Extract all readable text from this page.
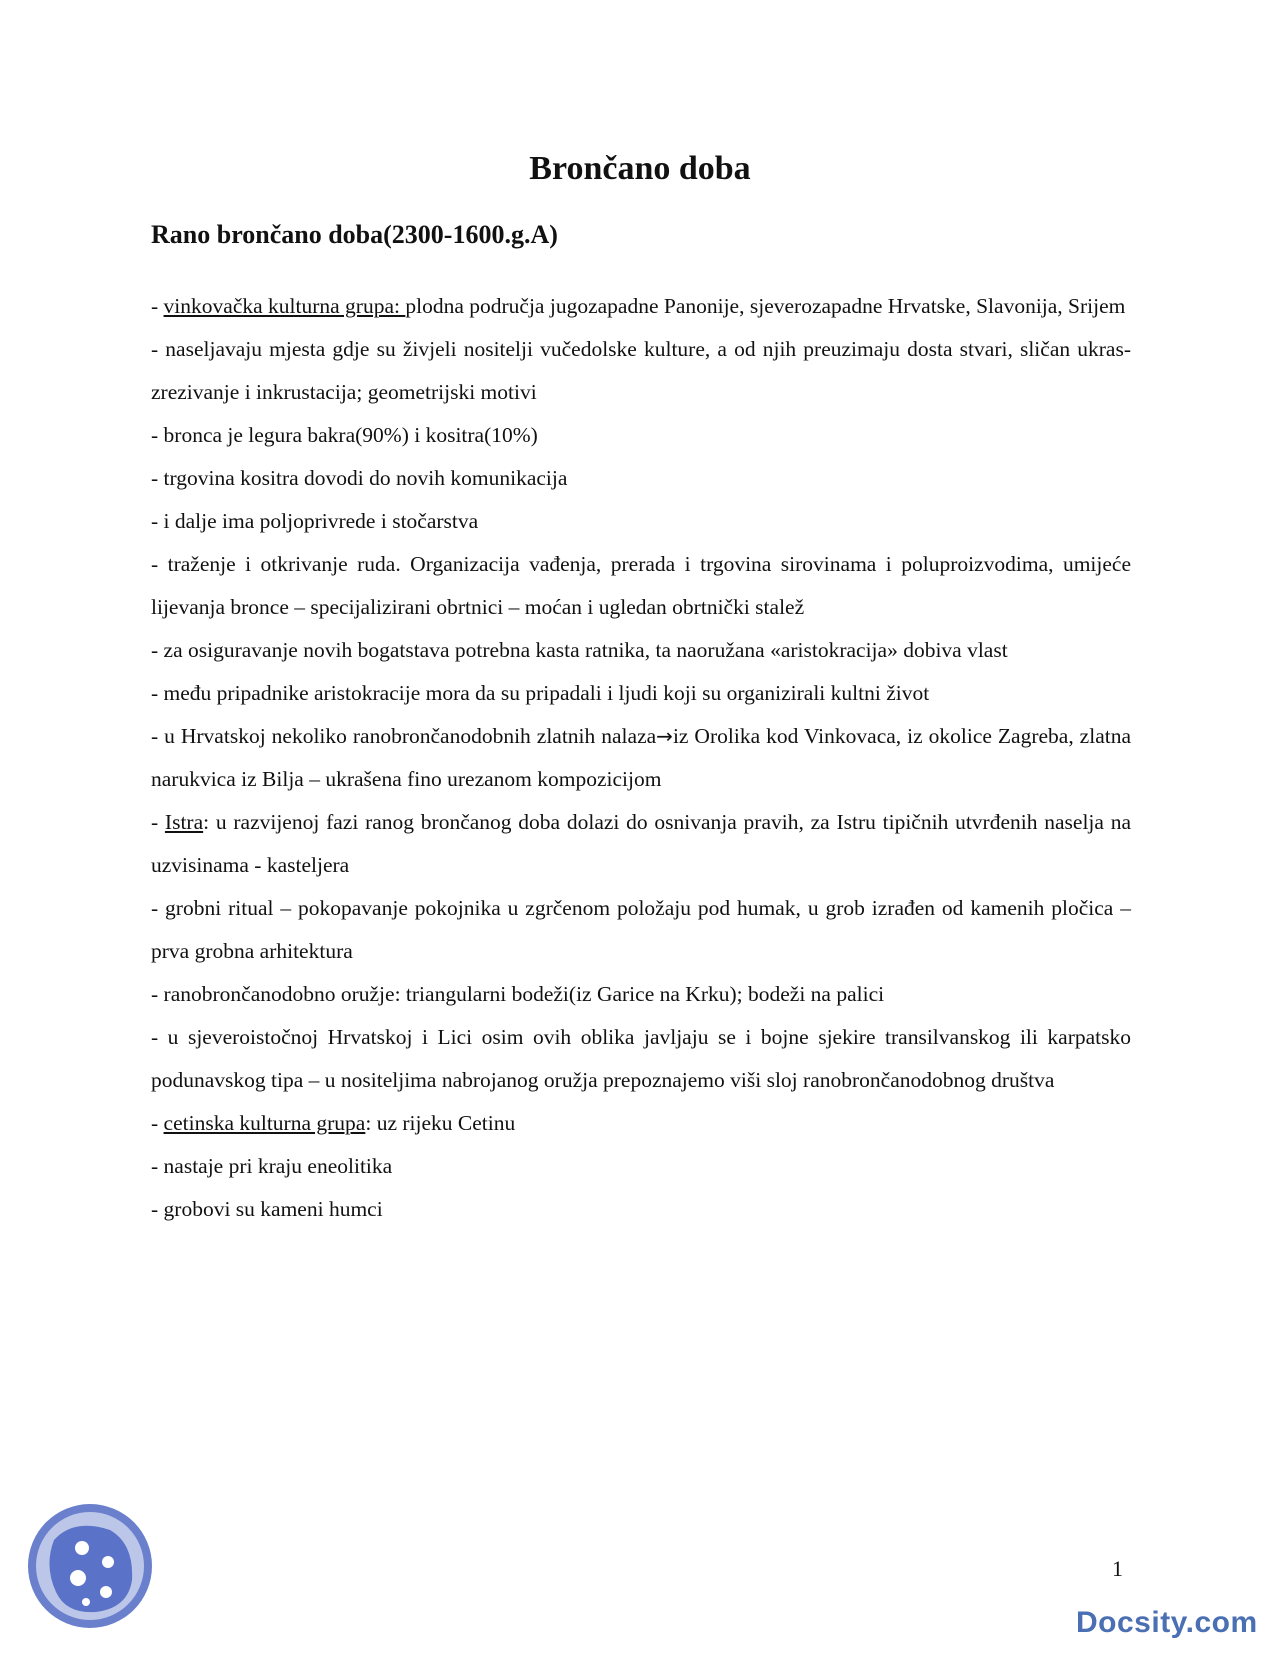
Brončano doba
Rano brončano doba(2300-1600.g.A)

- vinkovačka kulturna grupa: plodna područja jugozapadne Panonije, sjeverozapadne Hrvatske, Slavonija, Srijem

- naseljavaju mjesta gdje su živjeli nositelji vučedolske kulture, a od njih preuzimaju dosta stvari, sličan ukras-zrezivanje i inkrustacija; geometrijski motivi

- bronca je legura bakra(90%) i kositra(10%)

- trgovina kositra dovodi do novih komunikacija

- i dalje ima poljoprivrede i stočarstva

- traženje i otkrivanje ruda. Organizacija vađenja, prerada i trgovina sirovinama i poluproizvodima, umijeće lijevanja bronce – specijalizirani obrtnici – moćan i ugledan obrtnički stalež

- za osiguravanje novih bogatstava potrebna kasta ratnika, ta naoružana «aristokracija» dobiva vlast

- među pripadnike aristokracije mora da su pripadali i ljudi koji su organizirali kultni život

- u Hrvatskoj nekoliko ranobrončanodobnih zlatnih nalaza→iz Orolika kod Vinkovaca, iz okolice Zagreba, zlatna narukvica iz Bilja – ukrašena fino urezanom kompozicijom

- Istra: u razvijenoj fazi ranog brončanog doba dolazi do osnivanja pravih, za Istru tipičnih utvrđenih naselja na uzvisinama - kasteljera

- grobni ritual – pokopavanje pokojnika u zgrčenom položaju pod humak, u grob izrađen od kamenih pločica – prva grobna arhitektura

- ranobrončanodobno oružje: triangularni bodeži(iz Garice na Krku); bodeži na palici

- u sjeveroistočnoj Hrvatskoj i Lici osim ovih oblika javljaju se i bojne sjekire transilvanskog ili karpatsko podunavskog tipa – u nositeljima nabrojanog oružja prepoznajemo viši sloj ranobrončanodobnog društva

- cetinska kulturna grupa: uz rijeku Cetinu

- nastaje pri kraju eneolitika

- grobovi su kameni humci

1
Docsity.com
